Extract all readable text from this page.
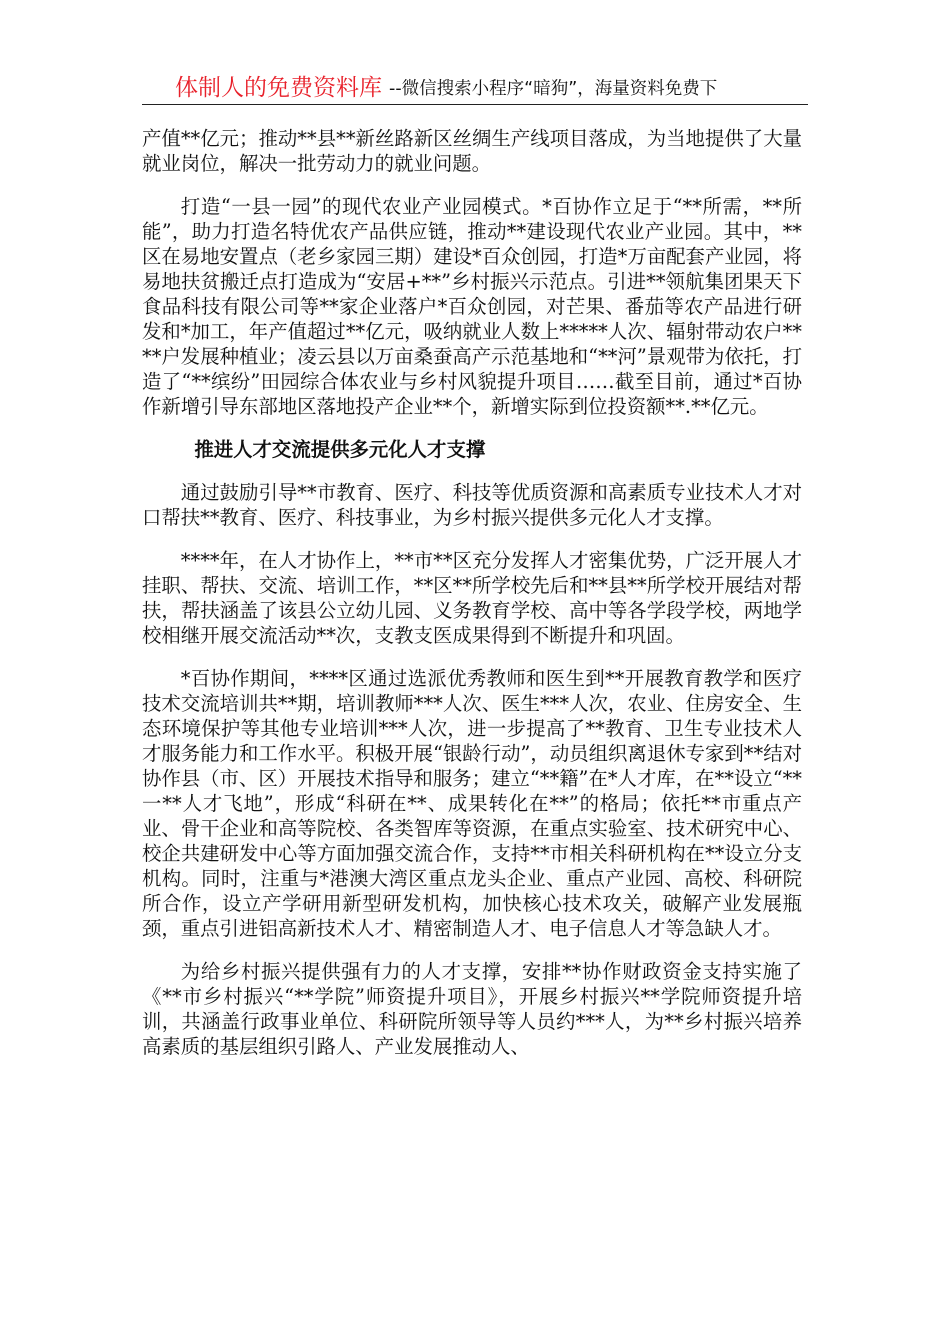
体制人的免费资料库 --微信搜索小程序“暗狗”，海量资料免费下

产值**亿元；推动**县**新丝路新区丝绸生产线项目落成，为当地提供了大量就业岗位，解决一批劳动力的就业问题。

打造“一县一园”的现代农业产业园模式。*百协作立足于“**所需，**所能”，助力打造名特优农产品供应链，推动**建设现代农业产业园。其中，**区在易地安置点（老乡家园三期）建设*百众创园，打造*万亩配套产业园，将易地扶贫搬迁点打造成为“安居+**”乡村振兴示范点。引进**领航集团果天下食品科技有限公司等**家企业落户*百众创园，对芒果、番茄等农产品进行研发和*加工，年产值超过**亿元，吸纳就业人数上*****人次、辐射带动农户****户发展种植业；凌云县以万亩桑蚕高产示范基地和“**河”景观带为依托，打造了“**缤纷”田园综合体农业与乡村风貌提升项目……截至目前，通过*百协作新增引导东部地区落地投产企业**个，新增实际到位投资额**.**亿元。

推进人才交流提供多元化人才支撑

通过鼓励引导**市教育、医疗、科技等优质资源和高素质专业技术人才对口帮扶**教育、医疗、科技事业，为乡村振兴提供多元化人才支撑。

****年，在人才协作上，**市**区充分发挥人才密集优势，广泛开展人才挂职、帮扶、交流、培训工作，**区**所学校先后和**县**所学校开展结对帮扶，帮扶涵盖了该县公立幼儿园、义务教育学校、高中等各学段学校，两地学校相继开展交流活动**次，支教支医成果得到不断提升和巩固。

*百协作期间，****区通过选派优秀教师和医生到**开展教育教学和医疗技术交流培训共**期，培训教师***人次、医生***人次，农业、住房安全、生态环境保护等其他专业培训***人次，进一步提高了**教育、卫生专业技术人才服务能力和工作水平。积极开展“银龄行动”，动员组织离退休专家到**结对协作县（市、区）开展技术指导和服务；建立“**籍”在*人才库，在**设立“**一**人才飞地”，形成“科研在**、成果转化在**”的格局；依托**市重点产业、骨干企业和高等院校、各类智库等资源，在重点实验室、技术研究中心、校企共建研发中心等方面加强交流合作，支持**市相关科研机构在**设立分支机构。同时，注重与*港澳大湾区重点龙头企业、重点产业园、高校、科研院所合作，设立产学研用新型研发机构，加快核心技术攻关，破解产业发展瓶颈，重点引进铝高新技术人才、精密制造人才、电子信息人才等急缺人才。

为给乡村振兴提供强有力的人才支撑，安排**协作财政资金支持实施了《**市乡村振兴“**学院”师资提升项目》，开展乡村振兴**学院师资提升培训，共涵盖行政事业单位、科研院所领导等人员约***人，为**乡村振兴培养高素质的基层组织引路人、产业发展推动人、
